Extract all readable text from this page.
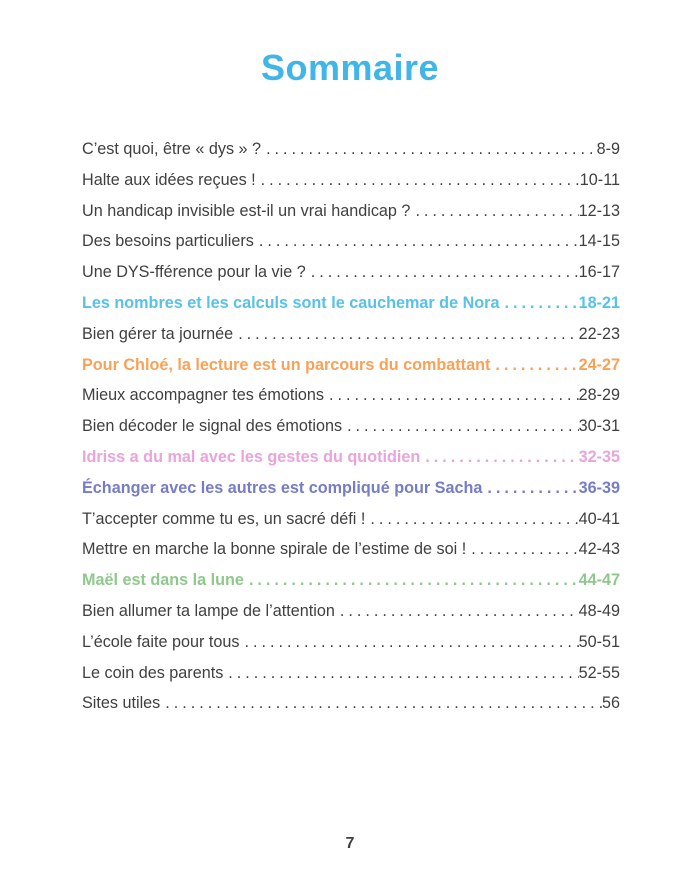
Sommaire
C’est quoi, être « dys » ? .....	8-9
Halte aux idées reçues ! .....	10-11
Un handicap invisible est-il un vrai handicap ? .....	12-13
Des besoins particuliers .....	14-15
Une DYS-fférence pour la vie ? .....	16-17
Les nombres et les calculs sont le cauchemar de Nora .....	18-21
Bien gérer ta journée .....	22-23
Pour Chloé, la lecture est un parcours du combattant .....	24-27
Mieux accompagner tes émotions .....	28-29
Bien décoder le signal des émotions .....	30-31
Idriss a du mal avec les gestes du quotidien .....	32-35
Échanger avec les autres est compliqué pour Sacha .....	36-39
T’accepter comme tu es, un sacré défi ! .....	40-41
Mettre en marche la bonne spirale de l’estime de soi ! .....	42-43
Maël est dans la lune .....	44-47
Bien allumer ta lampe de l’attention .....	48-49
L’école faite pour tous .....	50-51
Le coin des parents .....	52-55
Sites utiles .....	56
7
